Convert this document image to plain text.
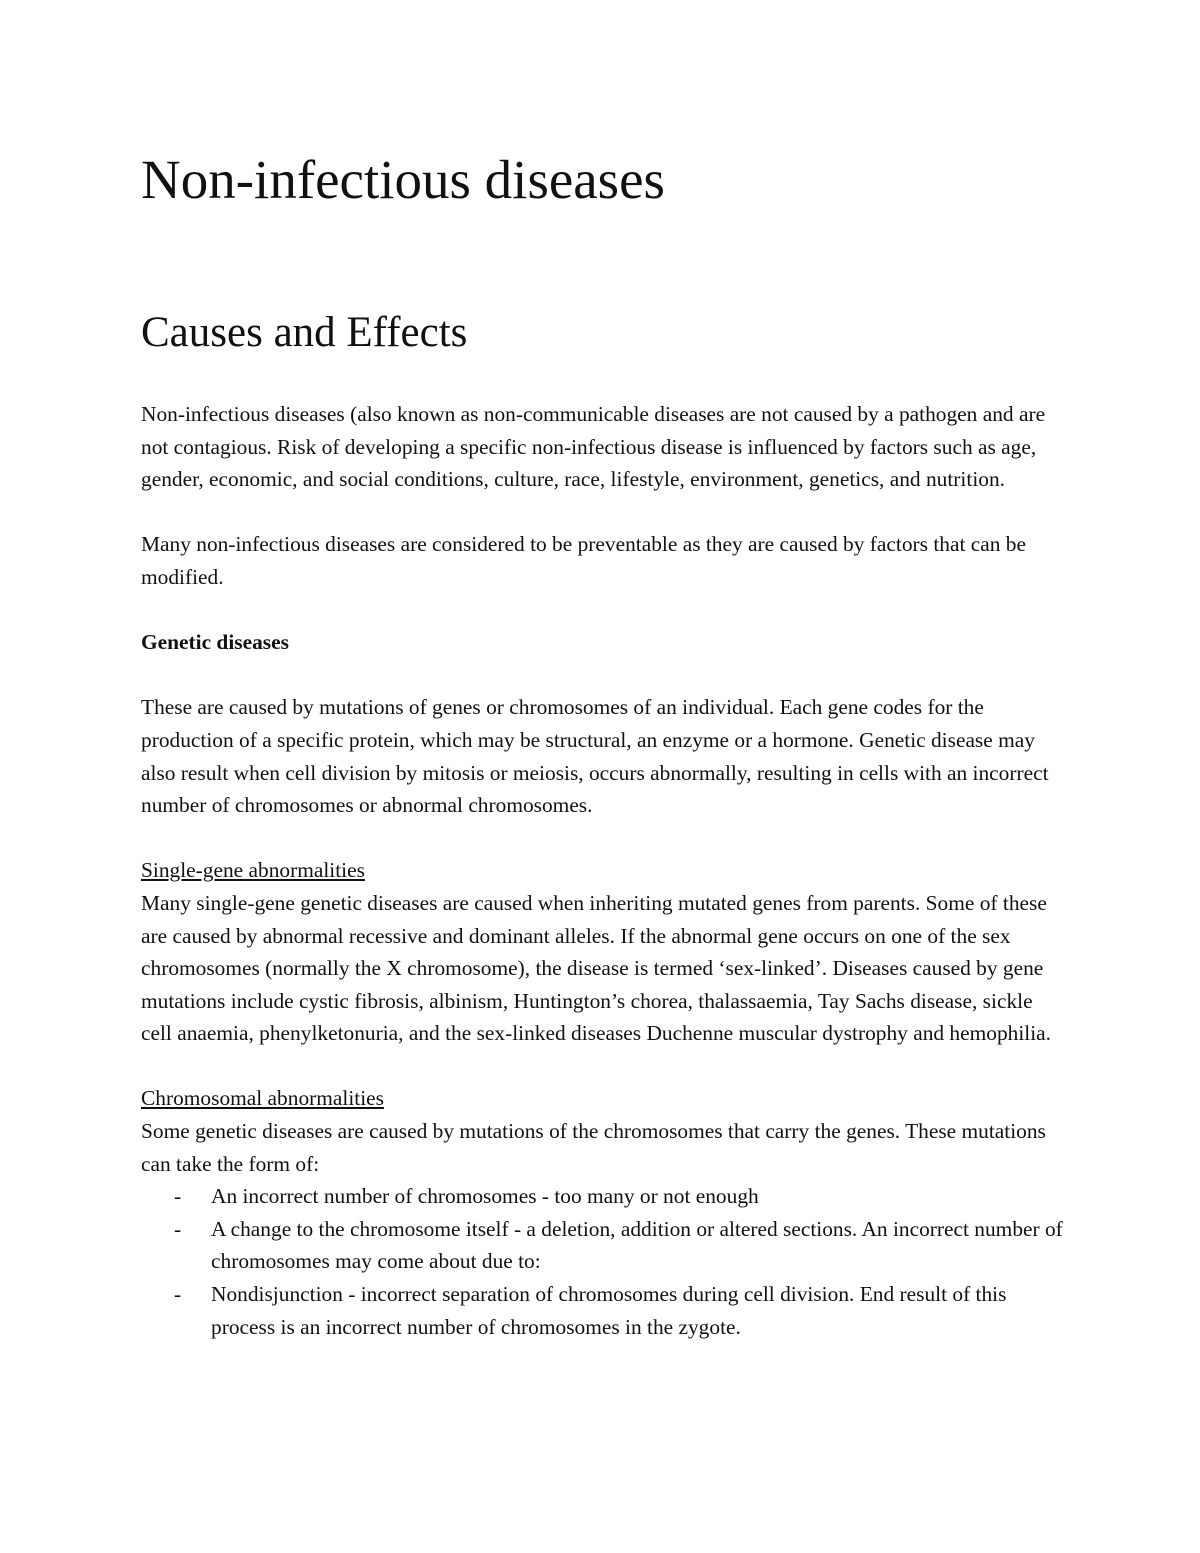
Non-infectious diseases
Causes and Effects

Non-infectious diseases (also known as non-communicable diseases are not caused by a pathogen and are not contagious. Risk of developing a specific non-infectious disease is influenced by factors such as age, gender, economic, and social conditions, culture, race, lifestyle, environment, genetics, and nutrition.

Many non-infectious diseases are considered to be preventable as they are caused by factors that can be modified.

Genetic diseases

These are caused by mutations of genes or chromosomes of an individual. Each gene codes for the production of a specific protein, which may be structural, an enzyme or a hormone. Genetic disease may also result when cell division by mitosis or meiosis, occurs abnormally, resulting in cells with an incorrect number of chromosomes or abnormal chromosomes.

Single-gene abnormalities

Many single-gene genetic diseases are caused when inheriting mutated genes from parents. Some of these are caused by abnormal recessive and dominant alleles. If the abnormal gene occurs on one of the sex chromosomes (normally the X chromosome), the disease is termed ‘sex-linked’. Diseases caused by gene mutations include cystic fibrosis, albinism, Huntington’s chorea, thalassaemia, Tay Sachs disease, sickle cell anaemia, phenylketonuria, and the sex-linked diseases Duchenne muscular dystrophy and hemophilia.

Chromosomal abnormalities

Some genetic diseases are caused by mutations of the chromosomes that carry the genes. These mutations can take the form of:

- An incorrect number of chromosomes - too many or not enough
- A change to the chromosome itself - a deletion, addition or altered sections. An incorrect number of chromosomes may come about due to:
- Nondisjunction - incorrect separation of chromosomes during cell division. End result of this process is an incorrect number of chromosomes in the zygote.
